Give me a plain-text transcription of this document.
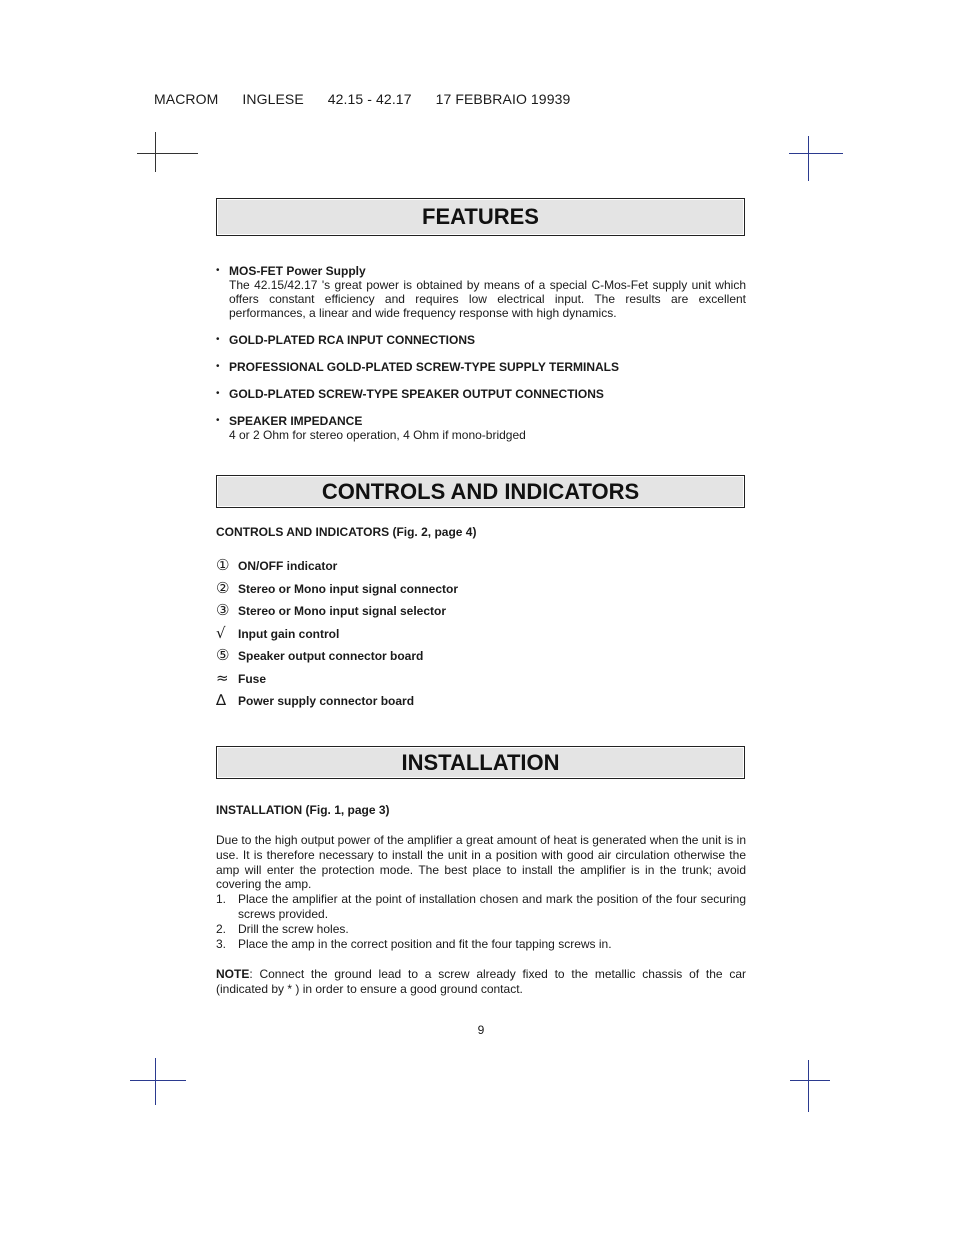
MACROM INGLESE 42.15 - 42.17 17 FEBBRAIO 19939
FEATURES
• MOS-FET Power Supply
The 42.15/42.17 's great power is obtained by means of a special C-Mos-Fet supply unit which offers constant efficiency and requires low electrical input. The results are excellent performances, a linear and wide frequency response with high dynamics.
• GOLD-PLATED RCA INPUT CONNECTIONS
• PROFESSIONAL GOLD-PLATED SCREW-TYPE SUPPLY TERMINALS
• GOLD-PLATED SCREW-TYPE SPEAKER OUTPUT CONNECTIONS
• SPEAKER IMPEDANCE
4 or 2 Ohm for stereo operation, 4 Ohm if mono-bridged
CONTROLS AND INDICATORS
CONTROLS AND INDICATORS (Fig. 2, page 4)
① ON/OFF indicator
② Stereo or Mono input signal connector
③ Stereo or Mono input signal selector
√	Input gain control
⑤ Speaker output connector board
≈ Fuse
∆ Power supply connector board
INSTALLATION
INSTALLATION (Fig. 1, page 3)
Due to the high output power of the amplifier a great amount of heat is generated when the unit is in use. It is therefore necessary to install the unit in a position with good air circulation otherwise the amp will enter the protection mode. The best place to install the amplifier is in the trunk; avoid covering the amp.
1. Place the amplifier at the point of installation chosen and mark the position of the four securing screws provided.
2. Drill the screw holes.
3. Place the amp in the correct position and fit the four tapping screws in.
NOTE: Connect the ground lead to a screw already fixed to the metallic chassis of the car (indicated by * ) in order to ensure a good ground contact.
9
